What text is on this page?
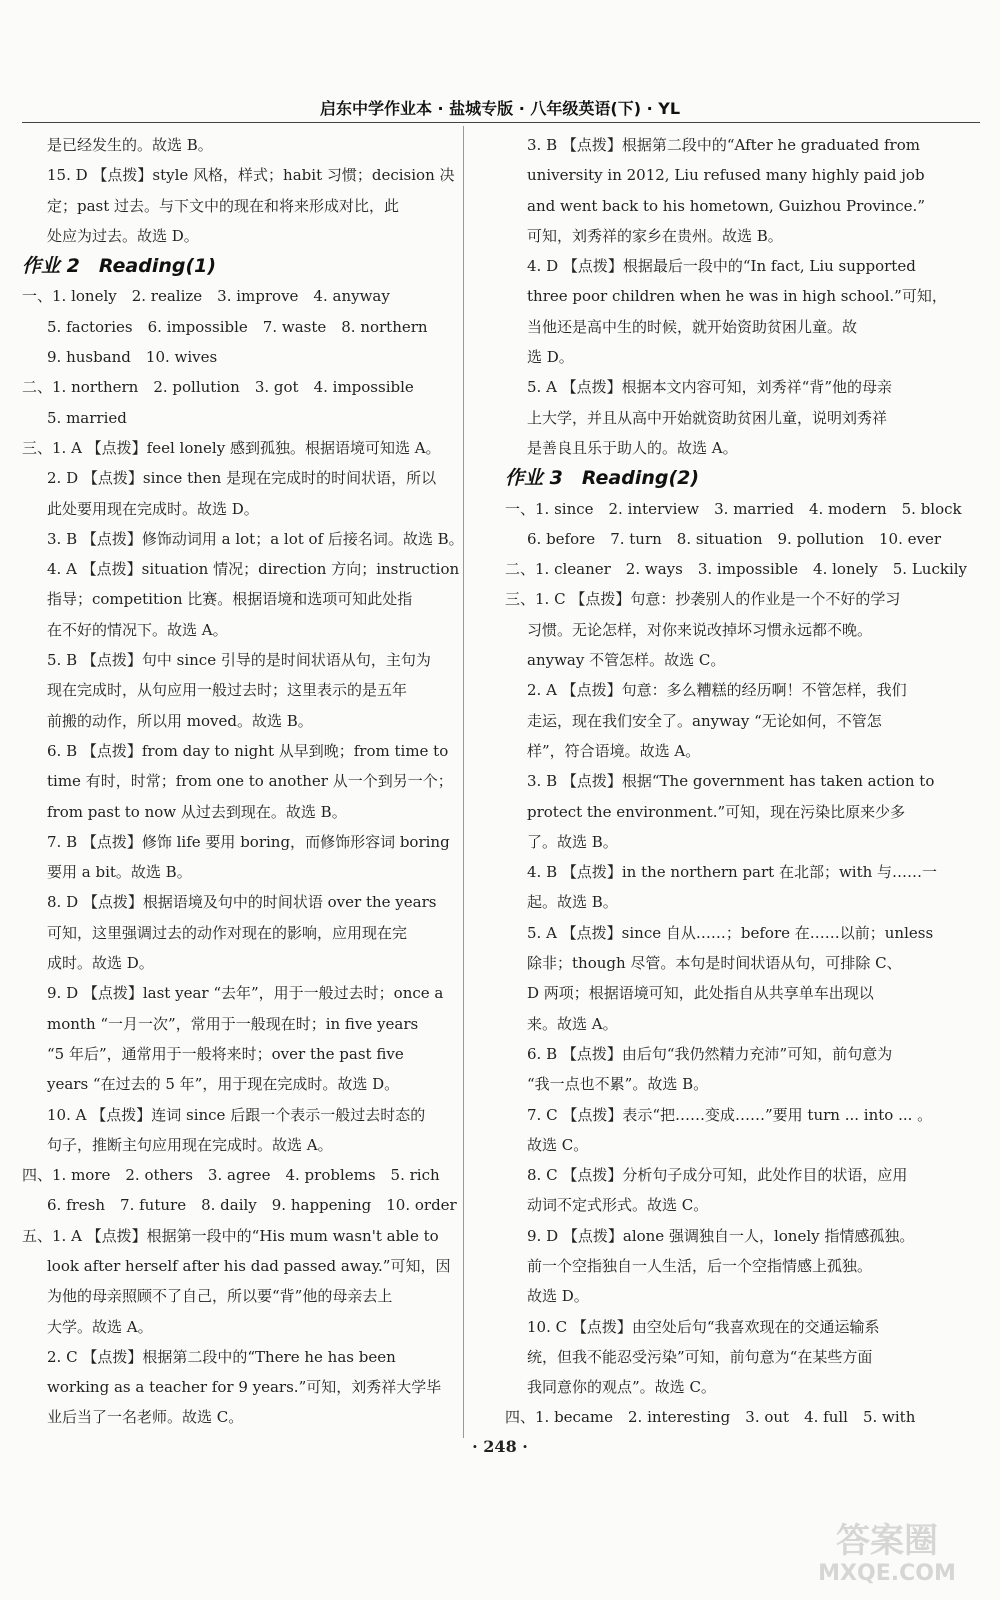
启东中学作业本 · 盐城专版 · 八年级英语(下) · YL
是已经发生的。故选 B。
15. D 【点拨】style 风格，样式；habit 习惯；decision 决
定；past 过去。与下文中的现在和将来形成对比，此
处应为过去。故选 D。
作业 2　Reading(1)
一、1. lonely　2. realize　3. improve　4. anyway
5. factories　6. impossible　7. waste　8. northern
9. husband　10. wives
二、1. northern　2. pollution　3. got　4. impossible
5. married
三、1. A 【点拨】feel lonely 感到孤独。根据语境可知选 A。
2. D 【点拨】since then 是现在完成时的时间状语，所以
此处要用现在完成时。故选 D。
3. B 【点拨】修饰动词用 a lot；a lot of 后接名词。故选 B。
4. A 【点拨】situation 情况；direction 方向；instruction
指导；competition 比赛。根据语境和选项可知此处指
在不好的情况下。故选 A。
5. B 【点拨】句中 since 引导的是时间状语从句，主句为
现在完成时，从句应用一般过去时；这里表示的是五年
前搬的动作，所以用 moved。故选 B。
6. B 【点拨】from day to night 从早到晚；from time to
time 有时，时常；from one to another 从一个到另一个；
from past to now 从过去到现在。故选 B。
7. B 【点拨】修饰 life 要用 boring，而修饰形容词 boring
要用 a bit。故选 B。
8. D 【点拨】根据语境及句中的时间状语 over the years
可知，这里强调过去的动作对现在的影响，应用现在完
成时。故选 D。
9. D 【点拨】last year “去年”，用于一般过去时；once a
month “一月一次”，常用于一般现在时；in five years
“5 年后”，通常用于一般将来时；over the past five
years “在过去的 5 年”，用于现在完成时。故选 D。
10. A 【点拨】连词 since 后跟一个表示一般过去时态的
句子，推断主句应用现在完成时。故选 A。
四、1. more　2. others　3. agree　4. problems　5. rich
6. fresh　7. future　8. daily　9. happening　10. order
五、1. A 【点拨】根据第一段中的“His mum wasn't able to
look after herself after his dad passed away.”可知，因
为他的母亲照顾不了自己，所以要“背”他的母亲去上
大学。故选 A。
2. C 【点拨】根据第二段中的“There he has been
working as a teacher for 9 years.”可知，刘秀祥大学毕
业后当了一名老师。故选 C。
3. B 【点拨】根据第二段中的“After he graduated from
university in 2012, Liu refused many highly paid job
and went back to his hometown, Guizhou Province.”
可知，刘秀祥的家乡在贵州。故选 B。
4. D 【点拨】根据最后一段中的“In fact, Liu supported
three poor children when he was in high school.”可知，
当他还是高中生的时候，就开始资助贫困儿童。故
选 D。
5. A 【点拨】根据本文内容可知，刘秀祥“背”他的母亲
上大学，并且从高中开始就资助贫困儿童，说明刘秀祥
是善良且乐于助人的。故选 A。
作业 3　Reading(2)
一、1. since　2. interview　3. married　4. modern　5. block
6. before　7. turn　8. situation　9. pollution　10. ever
二、1. cleaner　2. ways　3. impossible　4. lonely　5. Luckily
三、1. C 【点拨】句意：抄袭别人的作业是一个不好的学习
习惯。无论怎样，对你来说改掉坏习惯永远都不晚。
anyway 不管怎样。故选 C。
2. A 【点拨】句意：多么糟糕的经历啊！不管怎样，我们
走运，现在我们安全了。anyway “无论如何，不管怎
样”，符合语境。故选 A。
3. B 【点拨】根据“The government has taken action to
protect the environment.”可知，现在污染比原来少多
了。故选 B。
4. B 【点拨】in the northern part 在北部；with 与……一
起。故选 B。
5. A 【点拨】since 自从……；before 在……以前；unless
除非；though 尽管。本句是时间状语从句，可排除 C、
D 两项；根据语境可知，此处指自从共享单车出现以
来。故选 A。
6. B 【点拨】由后句“我仍然精力充沛”可知，前句意为
“我一点也不累”。故选 B。
7. C 【点拨】表示“把……变成……”要用 turn ... into ... 。
故选 C。
8. C 【点拨】分析句子成分可知，此处作目的状语，应用
动词不定式形式。故选 C。
9. D 【点拨】alone 强调独自一人，lonely 指情感孤独。
前一个空指独自一人生活，后一个空指情感上孤独。
故选 D。
10. C 【点拨】由空处后句“我喜欢现在的交通运输系
统，但我不能忍受污染”可知，前句意为“在某些方面
我同意你的观点”。故选 C。
四、1. became　2. interesting　3. out　4. full　5. with
· 248 ·
答案圈
MXQE.COM
